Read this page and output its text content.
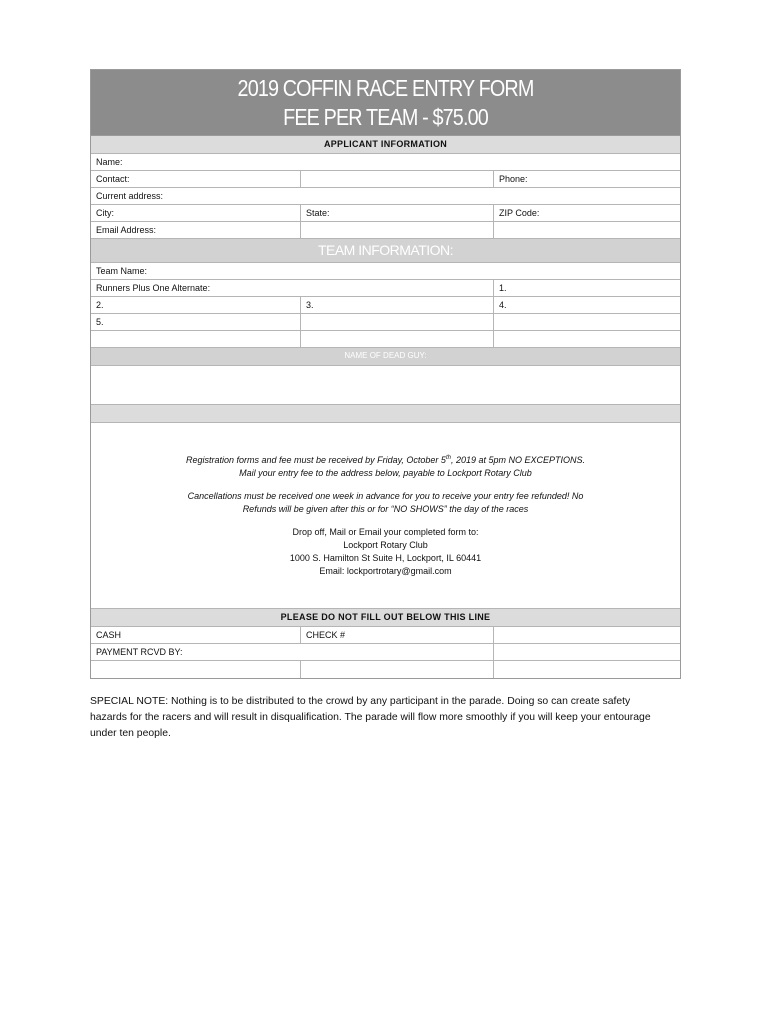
2019 COFFIN RACE ENTRY FORM
FEE PER TEAM - $75.00
APPLICANT INFORMATION
Name:
Contact:	Phone:
Current address:
City:	State:	ZIP Code:
Email Address:
TEAM INFORMATION:
Team Name:
Runners Plus One Alternate:	1.
2.	3.	4.
5.
NAME OF DEAD GUY:

Registration forms and fee must be received by Friday, October 5th, 2019 at 5pm NO EXCEPTIONS.

Mail your entry fee to the address below, payable to Lockport Rotary Club

Cancellations must be received one week in advance for you to receive your entry fee refunded! No

Refunds will be given after this or for “NO SHOWS” the day of the races

Drop off, Mail or Email your completed form to:

Lockport Rotary Club

1000 S. Hamilton St Suite H, Lockport, IL 60441

Email: lockportrotary@gmail.com

PLEASE DO NOT FILL OUT BELOW THIS LINE
CASH	CHECK #
PAYMENT RCVD BY:
SPECIAL NOTE: Nothing is to be distributed to the crowd by any participant in the parade. Doing so can create safety hazards for the racers and will result in disqualification. The parade will flow more smoothly if you will keep your entourage under ten people.
